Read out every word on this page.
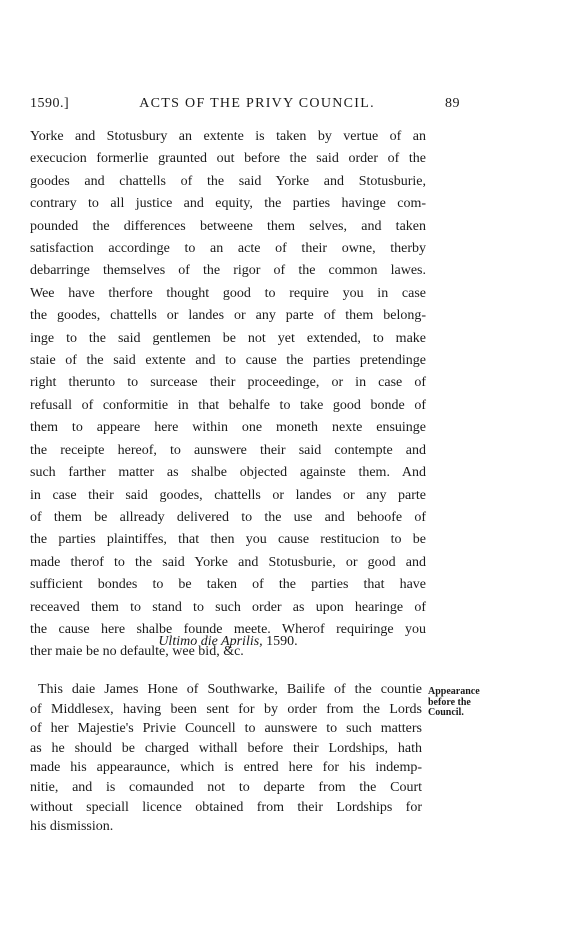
1590.]	ACTS OF THE PRIVY COUNCIL.	89
Yorke and Stotusbury an extente is taken by vertue of an
execucion formerlie graunted out before the said order of the
goodes and chattells of the said Yorke and Stotusburie,
contrary to all justice and equity, the parties havinge com-
pounded the differences betweene them selves, and taken
satisfaction accordinge to an acte of their owne, therby
debarringe themselves of the rigor of the common lawes.
Wee have therfore thought good to require you in case
the goodes, chattells or landes or any parte of them belong-
inge to the said gentlemen be not yet extended, to make
staie of the said extente and to cause the parties pretendinge
right therunto to surcease their proceedinge, or in case of
refusall of conformitie in that behalfe to take good bonde of
them to appeare here within one moneth nexte ensuinge
the receipte hereof, to aunswere their said contempte and
such farther matter as shalbe objected againste them. And
in case their said goodes, chattells or landes or any parte
of them be allready delivered to the use and behoofe of
the parties plaintiffes, that then you cause restitucion to be
made therof to the said Yorke and Stotusburie, or good and
sufficient bondes to be taken of the parties that have
receaved them to stand to such order as upon hearinge of
the cause here shalbe founde meete. Wherof requiringe you
ther maie be no defaulte, wee bid, &c.
Ultimo die Aprilis, 1590.
This daie James Hone of Southwarke, Bailife of the countie
of Middlesex, having been sent for by order from the Lords
of her Majestie's Privie Councell to aunswere to such matters
as he should be charged withall before their Lordships, hath
made his appearaunce, which is entred here for his indemp-
nitie, and is comaunded not to departe from the Court
without speciall licence obtained from their Lordships for
his dismission.
Appearance
before the
Council.
